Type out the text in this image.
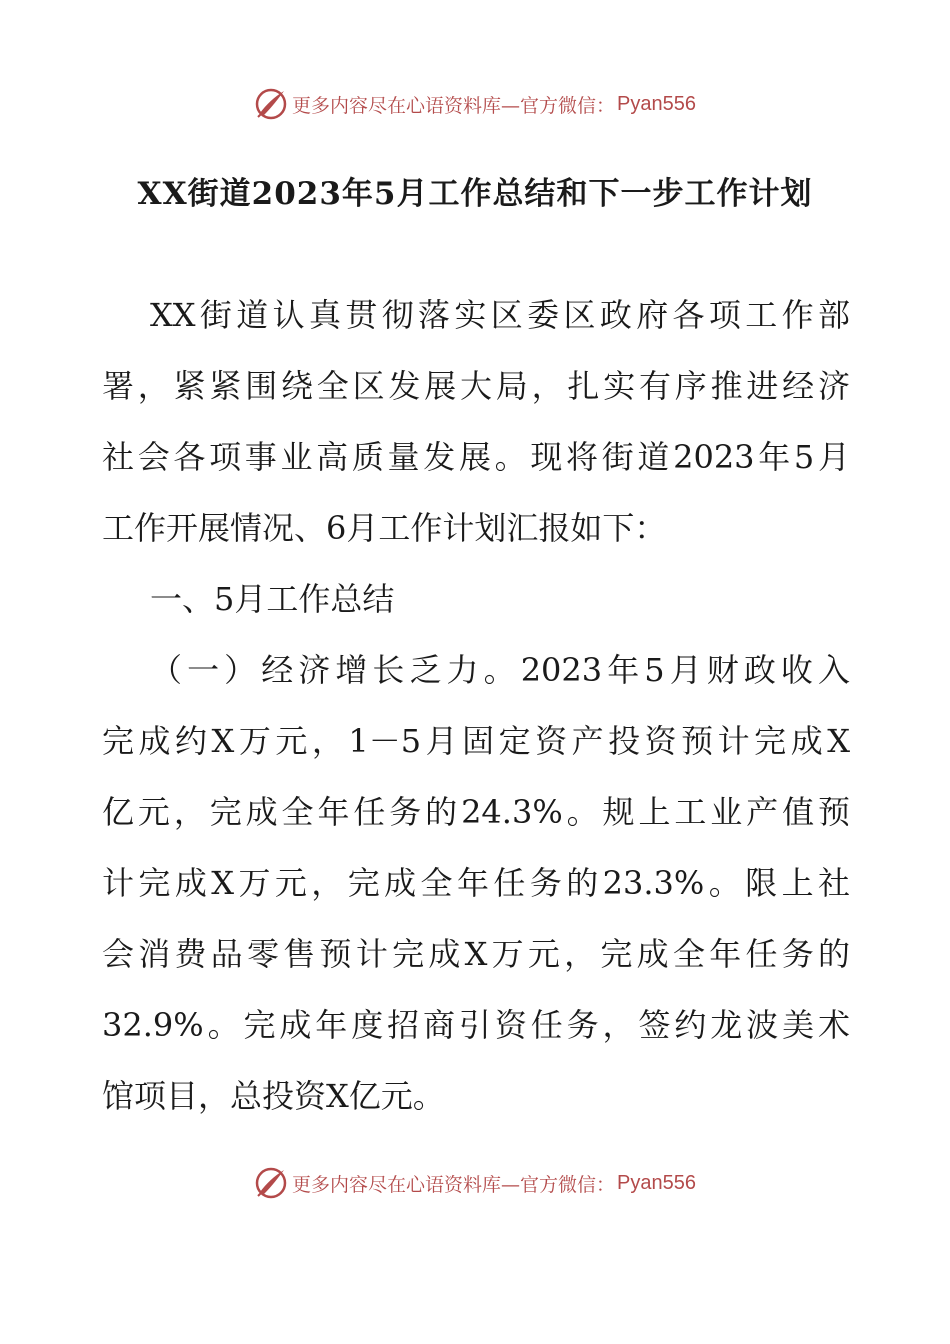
更多内容尽在心语资料库—官方微信： Pyan556
XX街道2023年5月工作总结和下一步工作计划
XX街道认真贯彻落实区委区政府各项工作部
署，紧紧围绕全区发展大局，扎实有序推进经济
社会各项事业高质量发展。现将街道2023年5月
工作开展情况、6月工作计划汇报如下：
一、5月工作总结
（一）经济增长乏力。2023年5月财政收入
完成约X万元，1－5月固定资产投资预计完成X
亿元，完成全年任务的24.3%。规上工业产值预
计完成X万元，完成全年任务的23.3%。限上社
会消费品零售预计完成X万元，完成全年任务的
32.9%。完成年度招商引资任务，签约龙波美术
馆项目，总投资X亿元。
更多内容尽在心语资料库—官方微信： Pyan556
